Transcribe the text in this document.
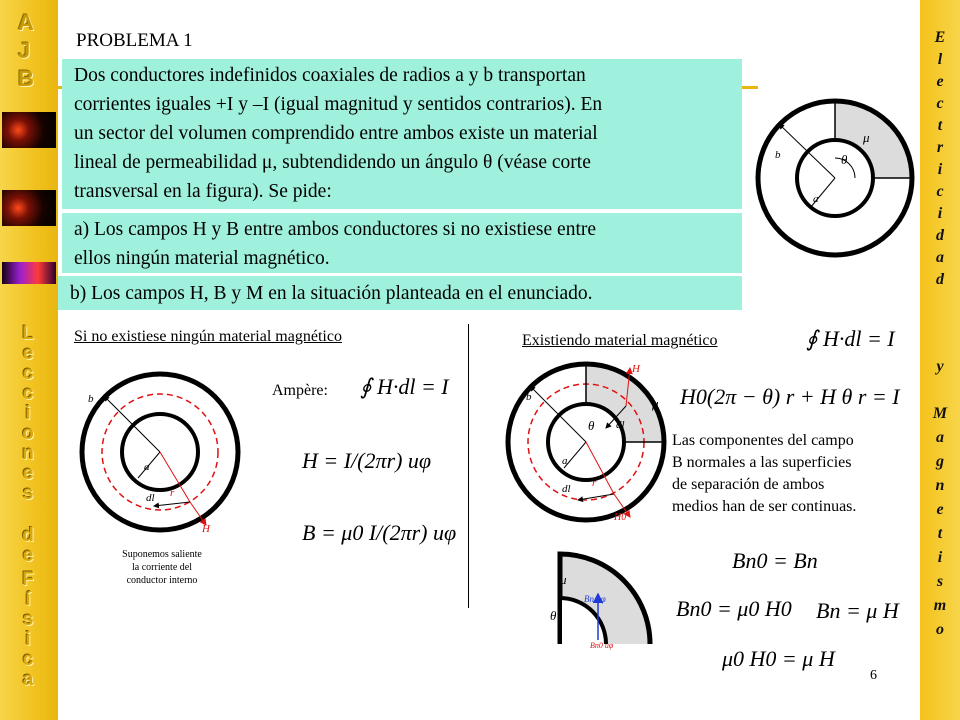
A
J
B
L
e
c
c
i
o
n
e
s
d
e
F
í
s
i
c
a
E
l
e
c
t
r
i
c
i
d
a
d
y
M
a
g
n
e
t
i
s
m
o
PROBLEMA 1
Dos conductores indefinidos coaxiales de radios a y b transportan
corrientes iguales +I y –I (igual magnitud y sentidos contrarios). En
un sector del volumen comprendido entre ambos existe un material
lineal de permeabilidad μ, subtendidendo un ángulo θ (véase corte
transversal en la figura). Se pide:
a) Los campos H y B entre ambos conductores si no existiese entre
ellos ningún material magnético.
b) Los campos H, B y M en la situación planteada en el enunciado.
μ
θ
b
a
Si no existiese ningún material magnético
b
a
r
dl
H
Suponemos saliente
la corriente del
conductor interno
Ampère: ∮ H·dl = I
H = I/(2πr) uφ
B = μ0 I/(2πr) uφ
Existiendo material magnético	∮ H·dl = I
μ
θ
b
a
r
dl
dl
H
H0
H0(2π − θ) r + H θ r = I
Las componentes del campo
B normales a las superficies
de separación de ambos
medios han de ser continuas.
μ
θ
Bn uφ
Bn0 uφ
Bn0 = Bn
Bn0 = μ0 H0 Bn = μ H
μ0 H0 = μ H
6
